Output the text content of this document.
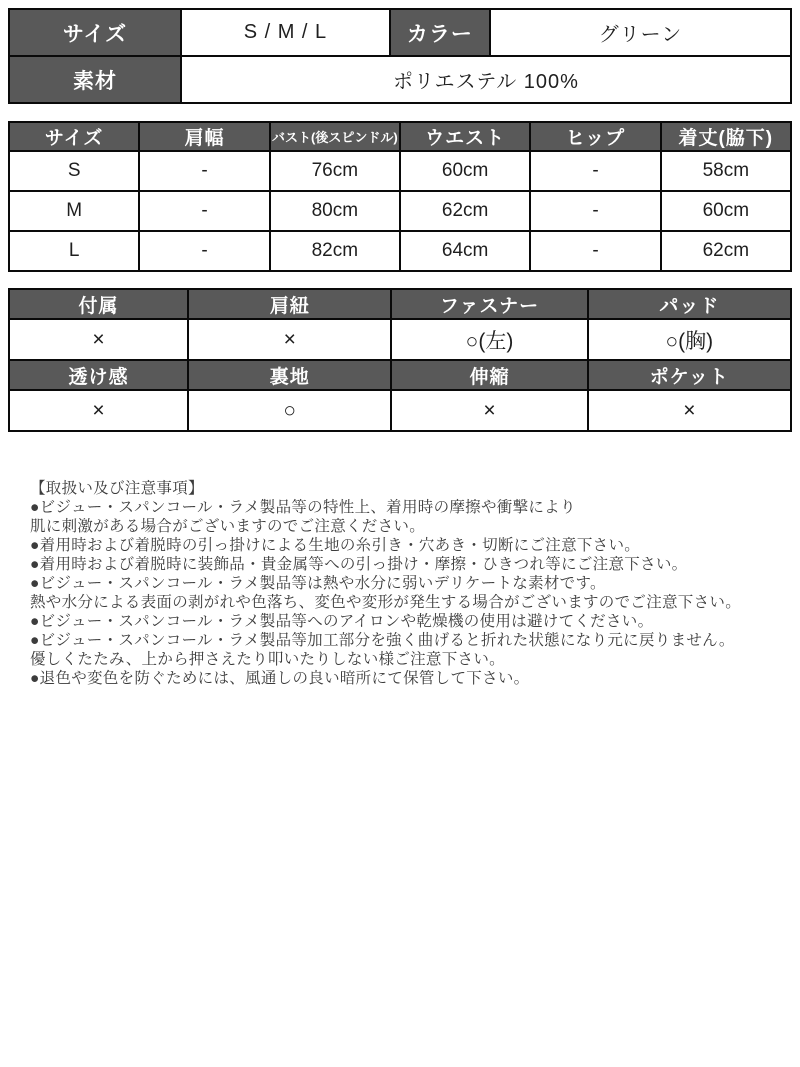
サイズ	S / M / L	カラー	グリーン
素材	ポリエステル 100%		
サイズ	肩幅	バスト(後スピンドル)	ウエスト	ヒップ	着丈(脇下)
S	-	76cm	60cm	-	58cm
M	-	80cm	62cm	-	60cm
L	-	82cm	64cm	-	62cm
付属	肩紐	ファスナー	パッド
×	×	○(左)	○(胸)
透け感	裏地	伸縮	ポケット
×	○	×	×
【取扱い及び注意事項】
●ビジュー・スパンコール・ラメ製品等の特性上、着用時の摩擦や衝撃により
肌に刺激がある場合がございますのでご注意ください。
●着用時および着脱時の引っ掛けによる生地の糸引き・穴あき・切断にご注意下さい。
●着用時および着脱時に装飾品・貴金属等への引っ掛け・摩擦・ひきつれ等にご注意下さい。
●ビジュー・スパンコール・ラメ製品等は熱や水分に弱いデリケートな素材です。
熱や水分による表面の剥がれや色落ち、変色や変形が発生する場合がございますのでご注意下さい。
●ビジュー・スパンコール・ラメ製品等へのアイロンや乾燥機の使用は避けてください。
●ビジュー・スパンコール・ラメ製品等加工部分を強く曲げると折れた状態になり元に戻りません。
優しくたたみ、上から押さえたり叩いたりしない様ご注意下さい。
●退色や変色を防ぐためには、風通しの良い暗所にて保管して下さい。
